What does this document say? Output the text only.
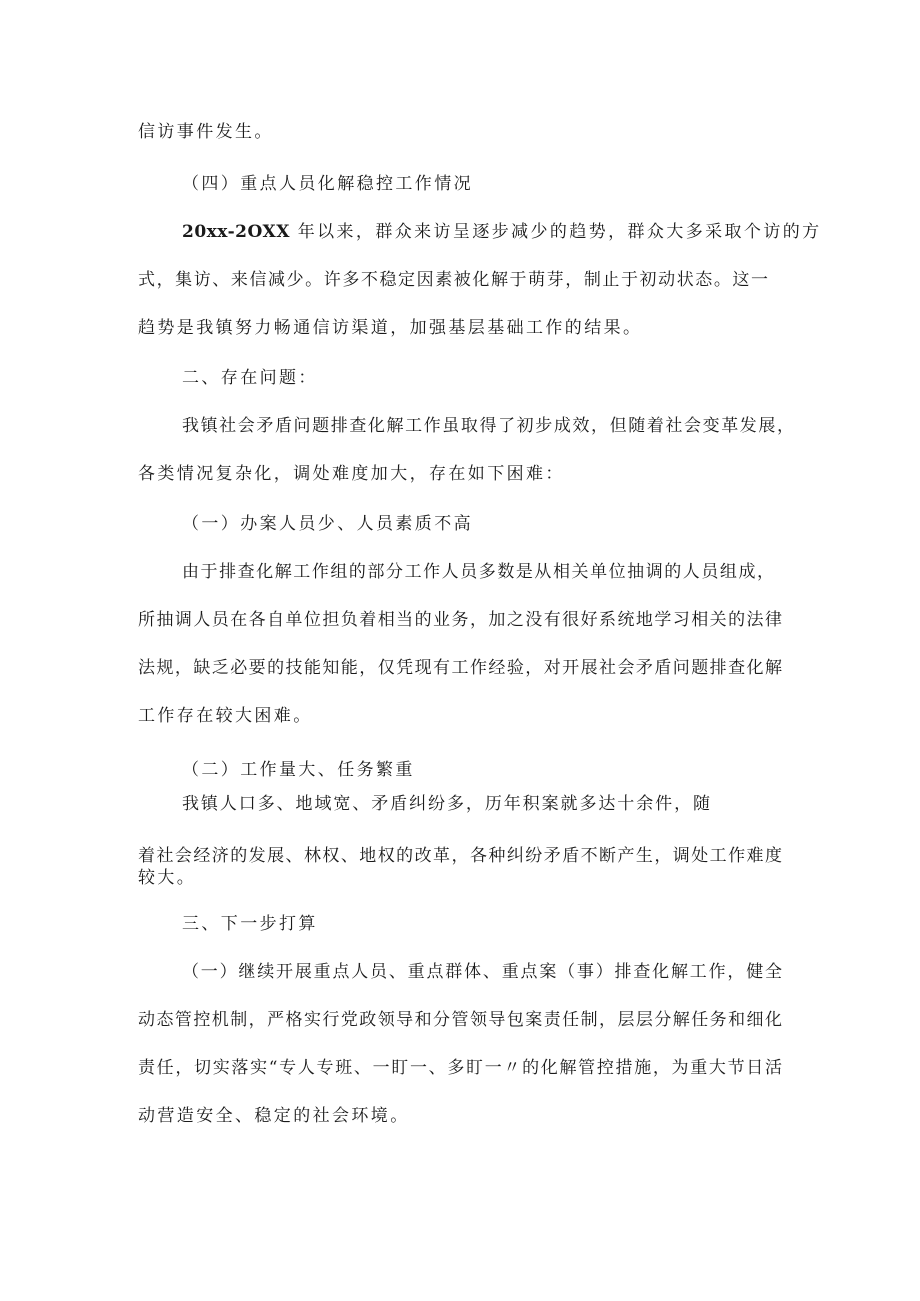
信访事件发生。
（四）重点人员化解稳控工作情况
20xx-2OXX 年以来，群众来访呈逐步减少的趋势，群众大多采取个访的方
式，集访、来信减少。许多不稳定因素被化解于萌芽，制止于初动状态。这一
趋势是我镇努力畅通信访渠道，加强基层基础工作的结果。
二、存在问题：
我镇社会矛盾问题排查化解工作虽取得了初步成效，但随着社会变革发展，
各类情况复杂化，调处难度加大，存在如下困难：
（一）办案人员少、人员素质不高
由于排查化解工作组的部分工作人员多数是从相关单位抽调的人员组成，
所抽调人员在各自单位担负着相当的业务，加之没有很好系统地学习相关的法律
法规，缺乏必要的技能知能，仅凭现有工作经验，对开展社会矛盾问题排查化解
工作存在较大困难。
（二）工作量大、任务繁重
我镇人口多、地域宽、矛盾纠纷多，历年积案就多达十余件，随
着社会经济的发展、林权、地权的改革，各种纠纷矛盾不断产生，调处工作难度
较大。
三、下一步打算
（一）继续开展重点人员、重点群体、重点案（事）排查化解工作，健全
动态管控机制，严格实行党政领导和分管领导包案责任制，层层分解任务和细化
责任，切实落实“专人专班、一盯一、多盯一〃的化解管控措施，为重大节日活
动营造安全、稳定的社会环境。
